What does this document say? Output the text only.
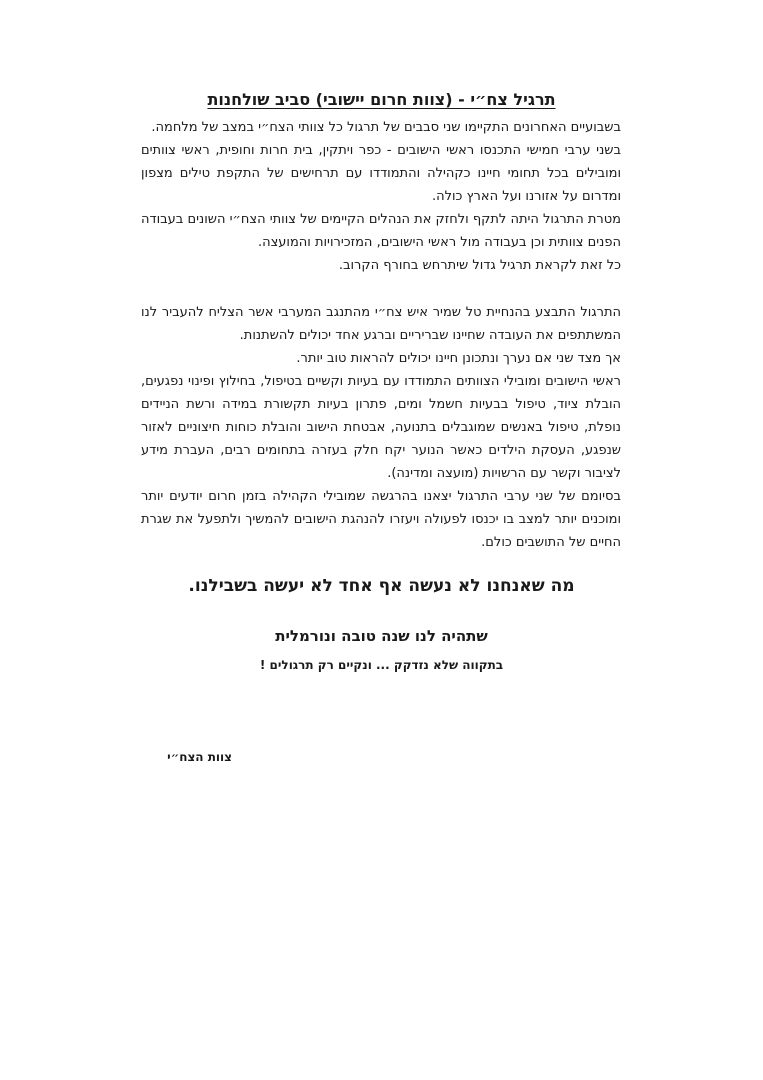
תרגיל צח״י - (צוות חרום יישובי) סביב שולחנות

בשבועיים האחרונים התקיימו שני סבבים של תרגול כל צוותי הצח״י במצב של מלחמה.

בשני ערבי חמישי התכנסו ראשי הישובים - כפר ויתקין, בית חרות וחופית, ראשי צוותים ומובילים בכל תחומי חיינו כקהילה והתמודדו עם תרחישים של התקפת טילים מצפון ומדרום על אזורנו ועל הארץ כולה.

מטרת התרגול היתה לתקף ולחזק את הנהלים הקיימים של צוותי הצח״י השונים בעבודה הפנים צוותית וכן בעבודה מול ראשי הישובים, המזכירויות והמועצה.

כל זאת לקראת תרגיל גדול שיתרחש בחורף הקרוב.

התרגול התבצע בהנחיית טל שמיר איש צח״י מהתנגב המערבי אשר הצליח להעביר לנו המשתתפים את העובדה שחיינו שבריריים וברגע אחד יכולים להשתנות.

אך מצד שני אם נערך ונתכונן חיינו יכולים להראות טוב יותר.

ראשי הישובים ומובילי הצוותים התמודדו עם בעיות וקשיים בטיפול, בחילוץ ופינוי נפגעים, הובלת ציוד, טיפול בבעיות חשמל ומים, פתרון בעיות תקשורת במידה ורשת הניידים נופלת, טיפול באנשים שמוגבלים בתנועה, אבטחת הישוב והובלת כוחות חיצוניים לאזור שנפגע, העסקת הילדים כאשר הנוער יקח חלק בעזרה בתחומים רבים, העברת מידע לציבור וקשר עם הרשויות (מועצה ומדינה).

בסיומם של שני ערבי התרגול יצאנו בהרגשה שמובילי הקהילה בזמן חרום יודעים יותר ומוכנים יותר למצב בו יכנסו לפעולה ויעזרו להנהגת הישובים להמשיך ולתפעל את שגרת החיים של התושבים כולם.

מה שאנחנו לא נעשה אף אחד לא יעשה בשבילנו.
שתהיה לנו שנה טובה ונורמלית
בתקווה שלא נזדקק ... ונקיים רק תרגולים !
צוות הצח״י
